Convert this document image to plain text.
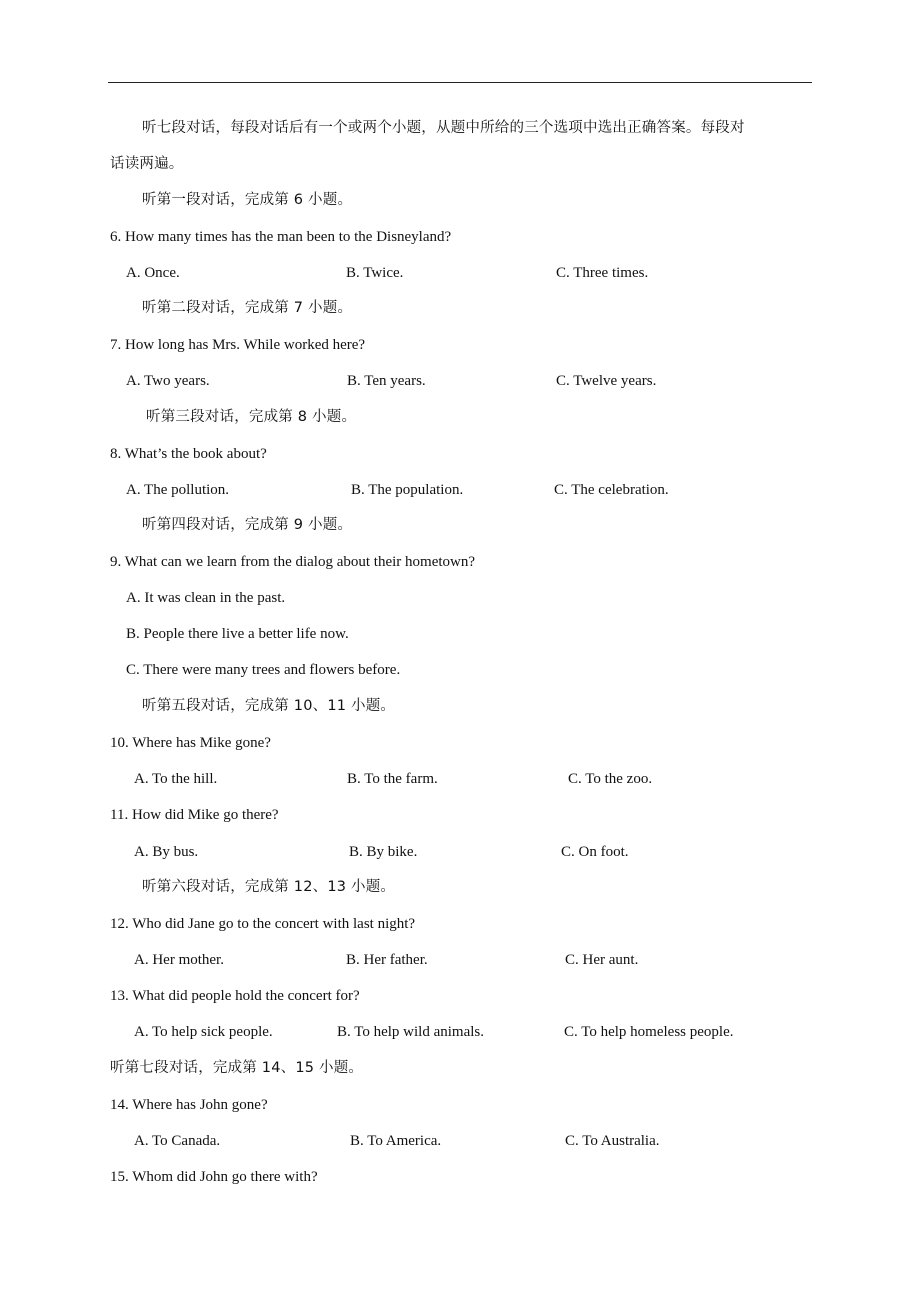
听七段对话，每段对话后有一个或两个小题，从题中所给的三个选项中选出正确答案。每段对
话读两遍。
听第一段对话，完成第 6 小题。
6. How many times has the man been to the Disneyland?
A. Once.	B. Twice.	C. Three times.
听第二段对话，完成第 7 小题。
7. How long has Mrs. While worked here?
A. Two years.	B. Ten years.	C. Twelve years.
听第三段对话，完成第 8 小题。
8. What’s the book about?
A. The pollution.	B. The population.	C. The celebration.
听第四段对话，完成第 9 小题。
9. What can we learn from the dialog about their hometown?
A. It was clean in the past.
B. People there live a better life now.
C. There were many trees and flowers before.
听第五段对话，完成第 10、11 小题。
10. Where has Mike gone?
A. To the hill.	B. To the farm.	C. To the zoo.
11. How did Mike go there?
A. By bus.	B. By bike.	C. On foot.
听第六段对话，完成第 12、13 小题。
12. Who did Jane go to the concert with last night?
A. Her mother.	B. Her father.	C. Her aunt.
13. What did people hold the concert for?
A. To help sick people.	B. To help wild animals.	C. To help homeless people.
听第七段对话，完成第 14、15 小题。
14. Where has John gone?
A. To Canada.	B. To America.	C. To Australia.
15. Whom did John go there with?
